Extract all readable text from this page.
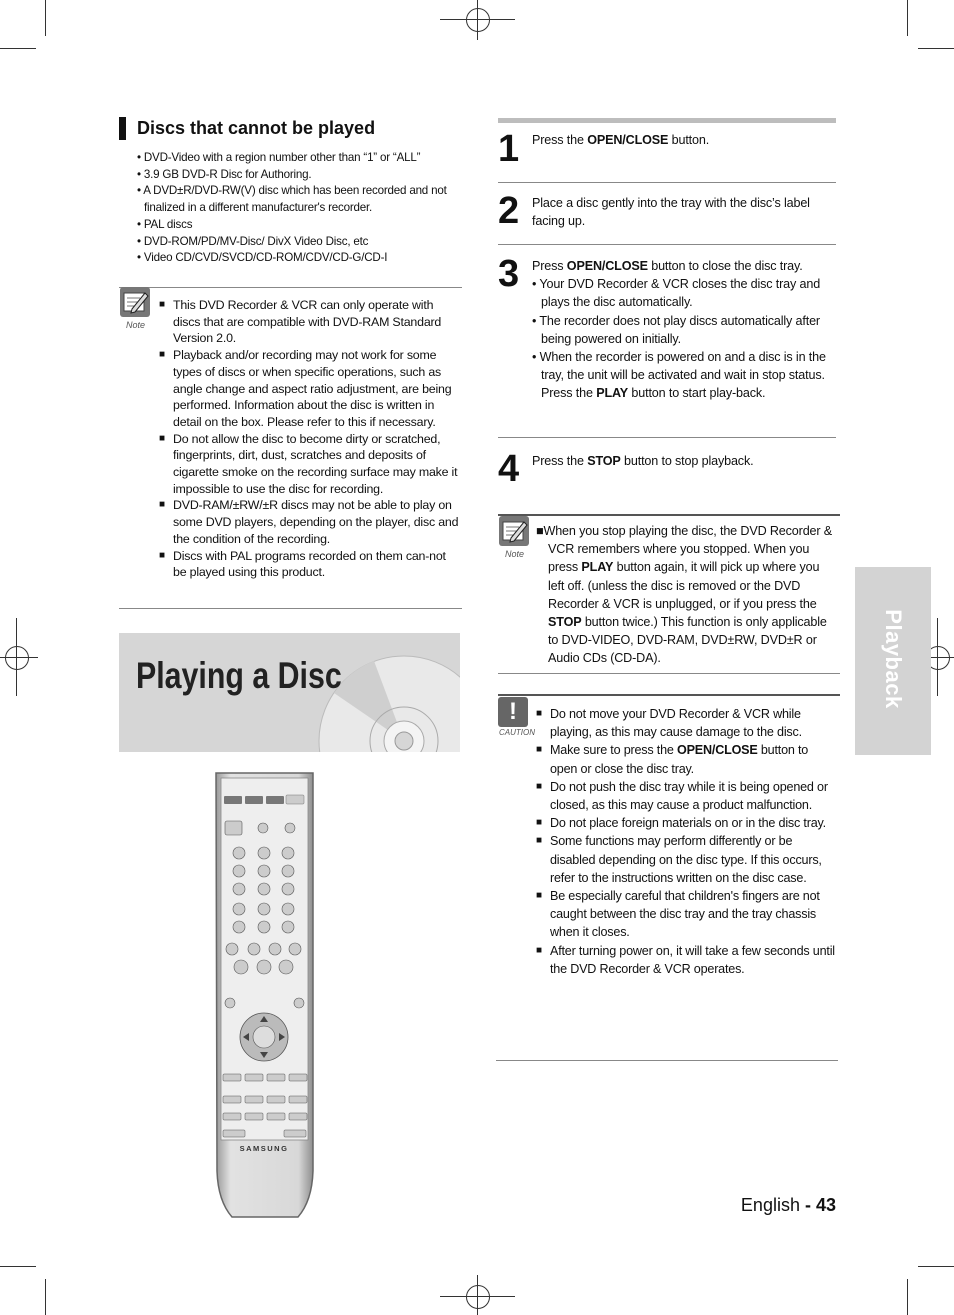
Discs that cannot be played
• DVD-Video with a region number other than “1” or “ALL”
• 3.9 GB DVD-R Disc for Authoring.
• A DVD±R/DVD-RW(V) disc which has been recorded and not finalized in a different manufacturer's recorder.
• PAL discs
• DVD-ROM/PD/MV-Disc/ DivX Video Disc, etc
• Video CD/CVD/SVCD/CD-ROM/CDV/CD-G/CD-I
Note
■ This DVD Recorder & VCR can only operate with discs that are compatible with DVD-RAM Standard Version 2.0.
■ Playback and/or recording may not work for some types of discs or when specific operations, such as angle change and aspect ratio adjustment, are being performed. Information about the disc is written in detail on the box. Please refer to this if necessary.
■ Do not allow the disc to become dirty or scratched, fingerprints, dirt, dust, scratches and deposits of cigarette smoke on the recording surface may make it impossible to use the disc for recording.
■ DVD-RAM/±RW/±R discs may not be able to play on some DVD players, depending on the player, disc and the condition of the recording.
■ Discs with PAL programs recorded on them can-not be played using this product.
Playing a Disc
SAMSUNG
1 Press the OPEN/CLOSE button.
2 Place a disc gently into the tray with the disc’s label facing up.
3 Press OPEN/CLOSE button to close the disc tray.
• Your DVD Recorder & VCR closes the disc tray and plays the disc automatically.
• The recorder does not play discs automatically after being powered on initially.
• When the recorder is powered on and a disc is in the tray, the unit will be activated and wait in stop status. Press the PLAY button to start play-back.
4 Press the STOP button to stop playback.
Note
■When you stop playing the disc, the DVD Recorder & VCR remembers where you stopped. When you press PLAY button again, it will pick up where you left off. (unless the disc is removed or the DVD Recorder & VCR is unplugged, or if you press the STOP button twice.) This function is only applicable to DVD-VIDEO, DVD-RAM, DVD±RW, DVD±R or Audio CDs (CD-DA).
!
CAUTION
■ Do not move your DVD Recorder & VCR while playing, as this may cause damage to the disc.
■ Make sure to press the OPEN/CLOSE button to open or close the disc tray.
■ Do not push the disc tray while it is being opened or closed, as this may cause a product malfunction.
■ Do not place foreign materials on or in the disc tray.
■ Some functions may perform differently or be disabled depending on the disc type. If this occurs, refer to the instructions written on the disc case.
■ Be especially careful that children's fingers are not caught between the disc tray and the tray chassis when it closes.
■ After turning power on, it will take a few seconds until the DVD Recorder & VCR operates.
Playback
English - 43
